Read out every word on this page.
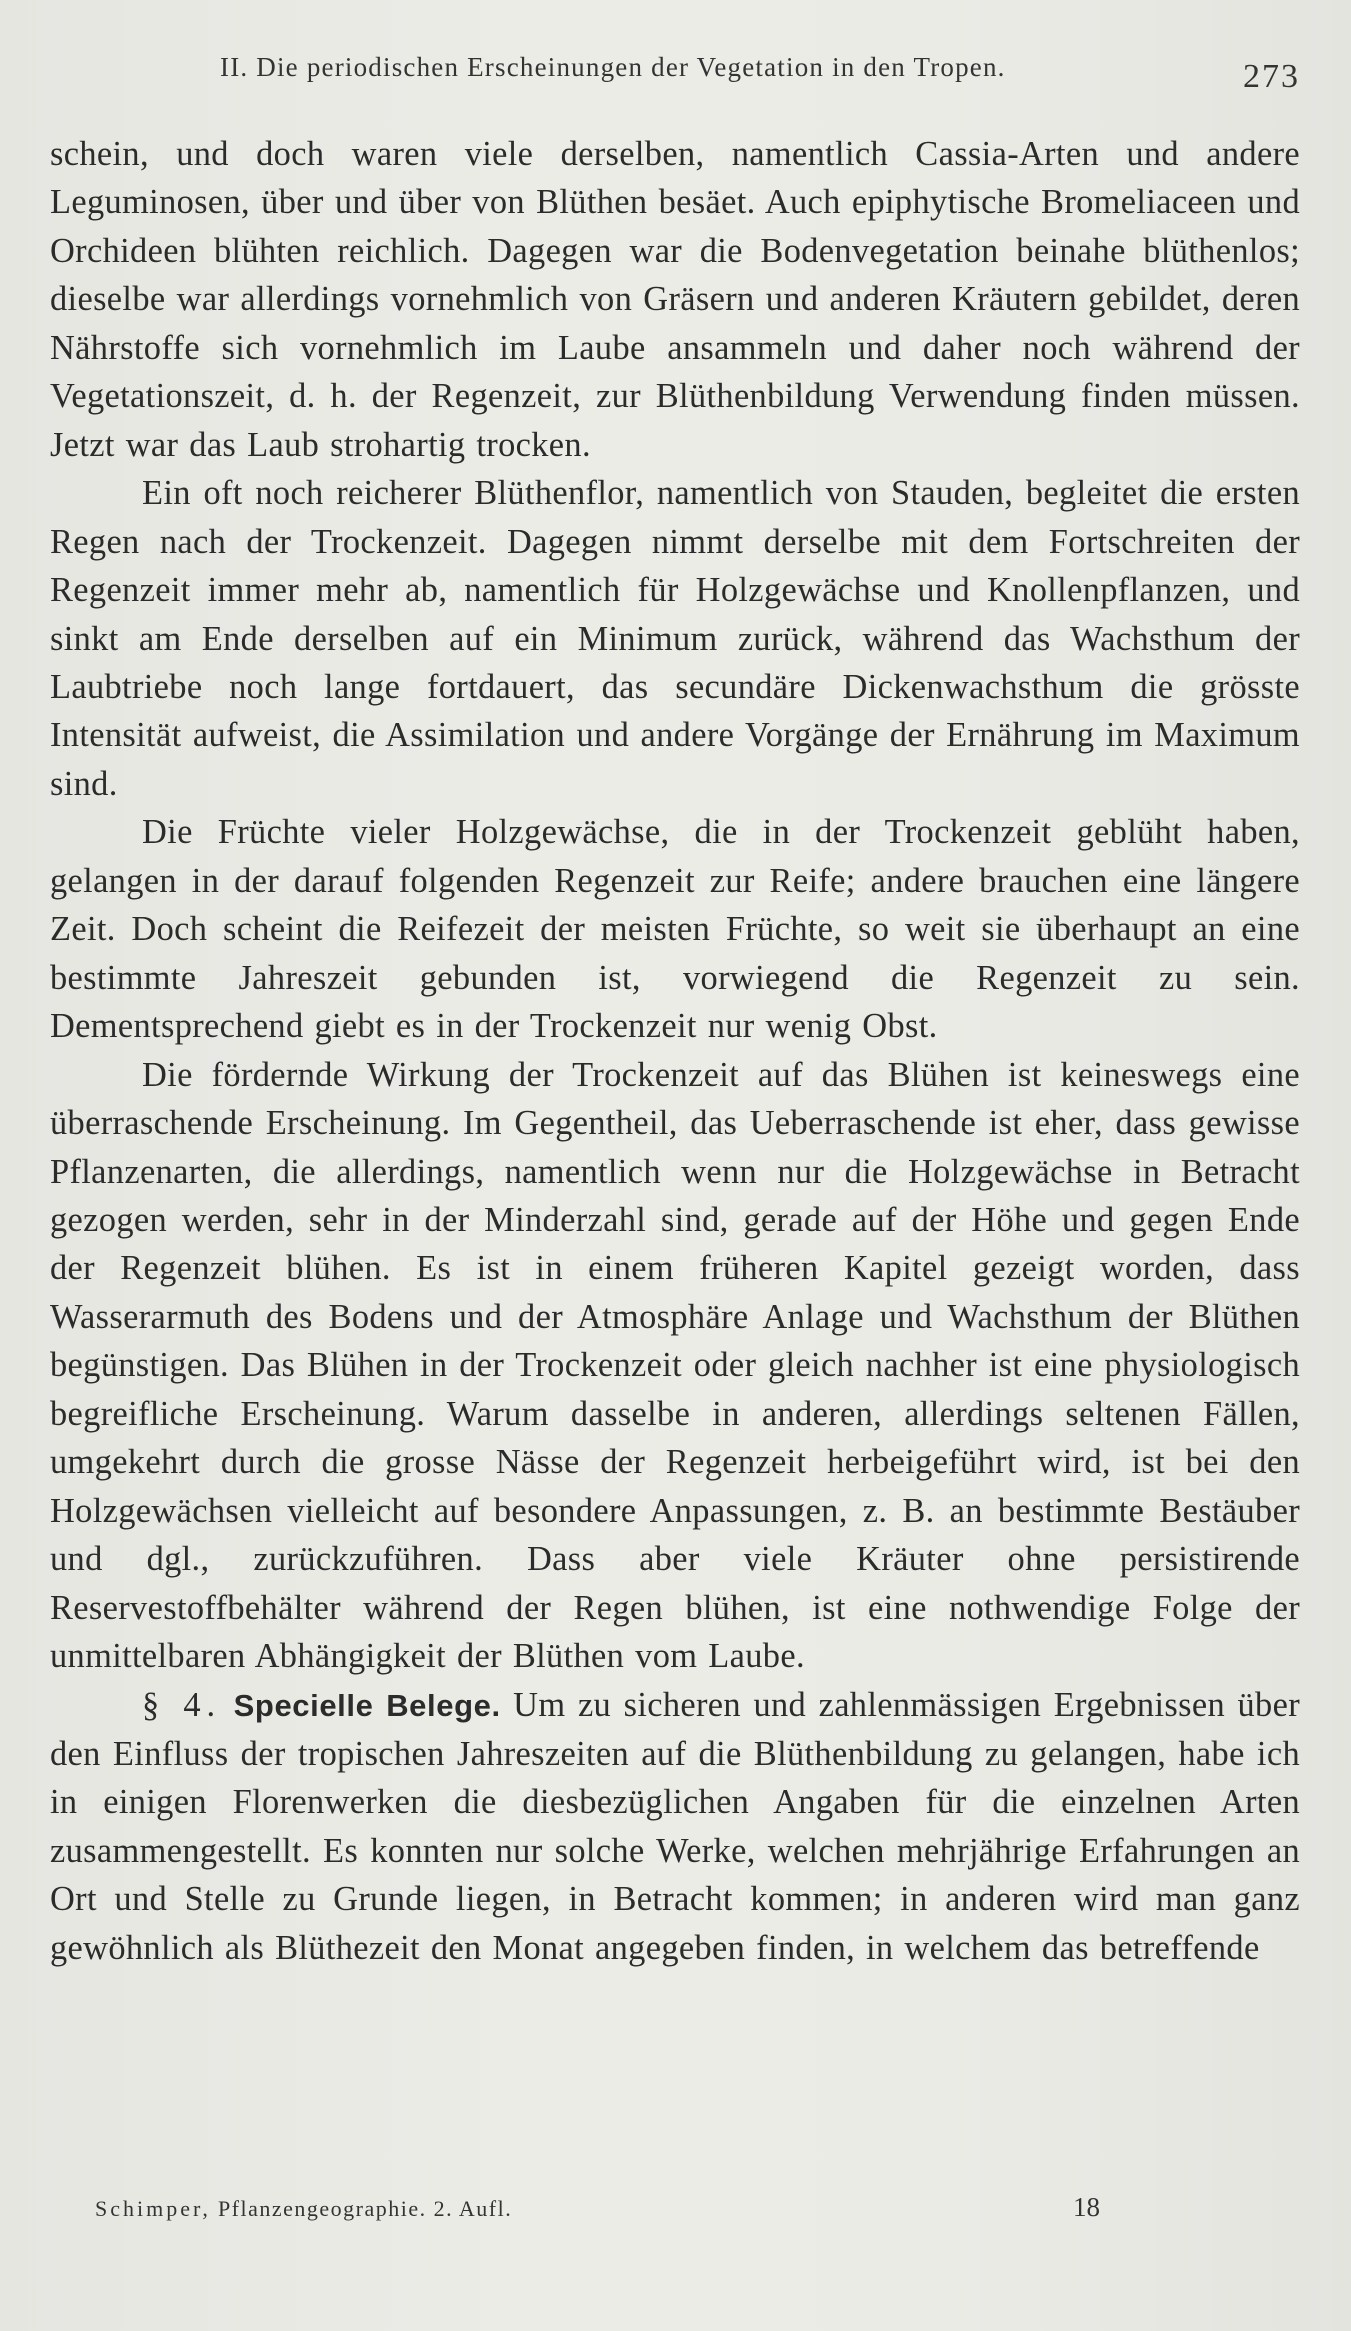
II. Die periodischen Erscheinungen der Vegetation in den Tropen.	273

schein, und doch waren viele derselben, namentlich Cassia-Arten und andere Leguminosen, über und über von Blüthen besäet. Auch epiphytische Bromeliaceen und Orchideen blühten reichlich. Dagegen war die Bodenvegetation beinahe blüthenlos; dieselbe war allerdings vornehmlich von Gräsern und anderen Kräutern gebildet, deren Nährstoffe sich vornehmlich im Laube ansammeln und daher noch während der Vegetationszeit, d. h. der Regenzeit, zur Blüthenbildung Verwendung finden müssen. Jetzt war das Laub strohartig trocken.

Ein oft noch reicherer Blüthenflor, namentlich von Stauden, begleitet die ersten Regen nach der Trockenzeit. Dagegen nimmt derselbe mit dem Fortschreiten der Regenzeit immer mehr ab, namentlich für Holzgewächse und Knollenpflanzen, und sinkt am Ende derselben auf ein Minimum zurück, während das Wachsthum der Laubtriebe noch lange fortdauert, das secundäre Dickenwachsthum die grösste Intensität aufweist, die Assimilation und andere Vorgänge der Ernährung im Maximum sind.

Die Früchte vieler Holzgewächse, die in der Trockenzeit geblüht haben, gelangen in der darauf folgenden Regenzeit zur Reife; andere brauchen eine längere Zeit. Doch scheint die Reifezeit der meisten Früchte, so weit sie überhaupt an eine bestimmte Jahreszeit gebunden ist, vorwiegend die Regenzeit zu sein. Dementsprechend giebt es in der Trockenzeit nur wenig Obst.

Die fördernde Wirkung der Trockenzeit auf das Blühen ist keineswegs eine überraschende Erscheinung. Im Gegentheil, das Ueberraschende ist eher, dass gewisse Pflanzenarten, die allerdings, namentlich wenn nur die Holzgewächse in Betracht gezogen werden, sehr in der Minderzahl sind, gerade auf der Höhe und gegen Ende der Regenzeit blühen. Es ist in einem früheren Kapitel gezeigt worden, dass Wasserarmuth des Bodens und der Atmosphäre Anlage und Wachsthum der Blüthen begünstigen. Das Blühen in der Trockenzeit oder gleich nachher ist eine physiologisch begreifliche Erscheinung. Warum dasselbe in anderen, allerdings seltenen Fällen, umgekehrt durch die grosse Nässe der Regenzeit herbeigeführt wird, ist bei den Holzgewächsen vielleicht auf besondere Anpassungen, z. B. an bestimmte Bestäuber und dgl., zurückzuführen. Dass aber viele Kräuter ohne persistirende Reservestoffbehälter während der Regen blühen, ist eine nothwendige Folge der unmittelbaren Abhängigkeit der Blüthen vom Laube.

§ 4. Specielle Belege. Um zu sicheren und zahlenmässigen Ergebnissen über den Einfluss der tropischen Jahreszeiten auf die Blüthenbildung zu gelangen, habe ich in einigen Florenwerken die diesbezüglichen Angaben für die einzelnen Arten zusammengestellt. Es konnten nur solche Werke, welchen mehrjährige Erfahrungen an Ort und Stelle zu Grunde liegen, in Betracht kommen; in anderen wird man ganz gewöhnlich als Blüthezeit den Monat angegeben finden, in welchem das betreffende

Schimper, Pflanzengeographie. 2. Aufl.	18
